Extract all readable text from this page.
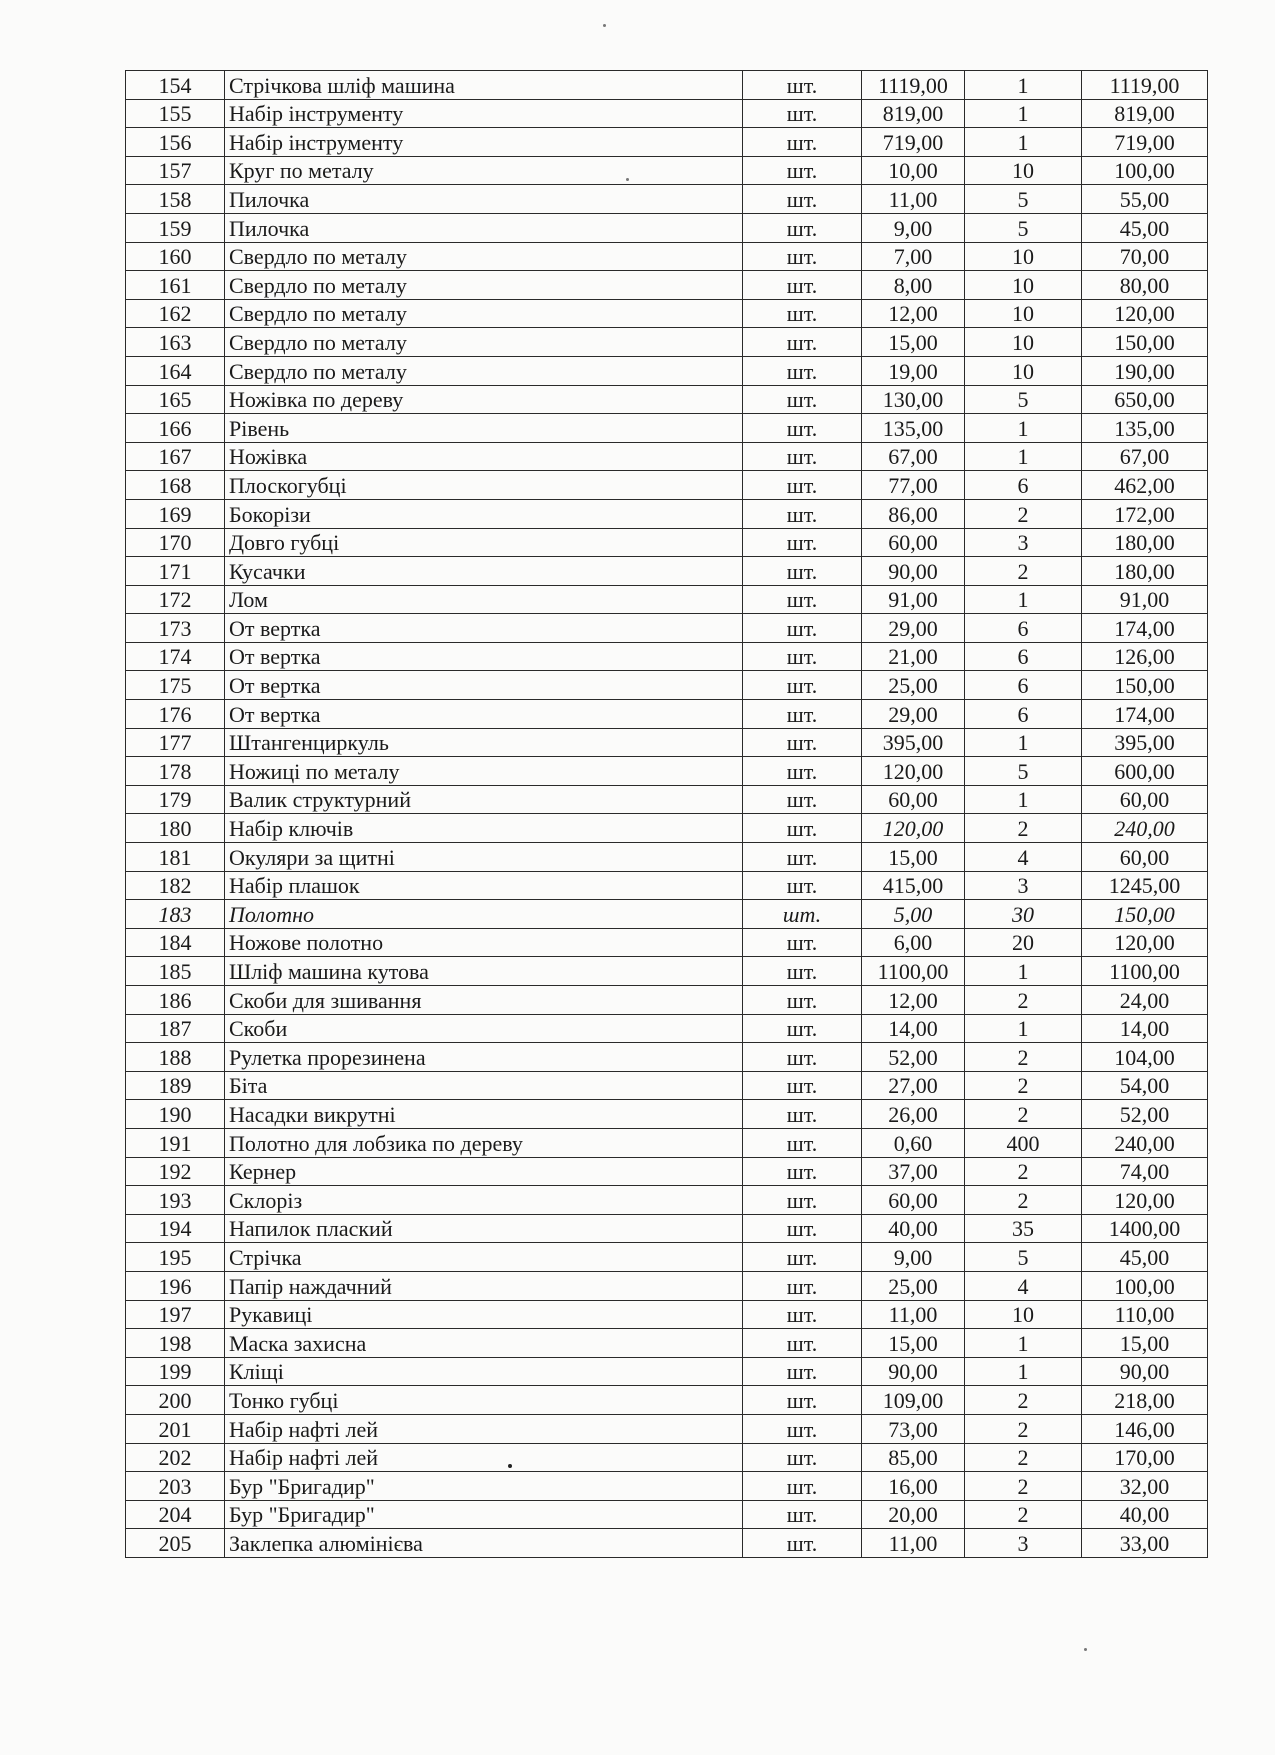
154	Стрічкова шліф машина	шт.	1119,00	1	1119,00
155	Набір інструменту	шт.	819,00	1	819,00
156	Набір інструменту	шт.	719,00	1	719,00
157	Круг по металу	шт.	10,00	10	100,00
158	Пилочка	шт.	11,00	5	55,00
159	Пилочка	шт.	9,00	5	45,00
160	Свердло по металу	шт.	7,00	10	70,00
161	Свердло по металу	шт.	8,00	10	80,00
162	Свердло по металу	шт.	12,00	10	120,00
163	Свердло по металу	шт.	15,00	10	150,00
164	Свердло по металу	шт.	19,00	10	190,00
165	Ножівка по дереву	шт.	130,00	5	650,00
166	Рівень	шт.	135,00	1	135,00
167	Ножівка	шт.	67,00	1	67,00
168	Плоскогубці	шт.	77,00	6	462,00
169	Бокорізи	шт.	86,00	2	172,00
170	Довго губці	шт.	60,00	3	180,00
171	Кусачки	шт.	90,00	2	180,00
172	Лом	шт.	91,00	1	91,00
173	От вертка	шт.	29,00	6	174,00
174	От вертка	шт.	21,00	6	126,00
175	От вертка	шт.	25,00	6	150,00
176	От вертка	шт.	29,00	6	174,00
177	Штангенциркуль	шт.	395,00	1	395,00
178	Ножиці по металу	шт.	120,00	5	600,00
179	Валик структурний	шт.	60,00	1	60,00
180	Набір ключів	шт.	120,00	2	240,00
181	Окуляри за щитні	шт.	15,00	4	60,00
182	Набір плашок	шт.	415,00	3	1245,00
183	Полотно	шт.	5,00	30	150,00
184	Ножове полотно	шт.	6,00	20	120,00
185	Шліф машина кутова	шт.	1100,00	1	1100,00
186	Скоби для зшивання	шт.	12,00	2	24,00
187	Скоби	шт.	14,00	1	14,00
188	Рулетка прорезинена	шт.	52,00	2	104,00
189	Біта	шт.	27,00	2	54,00
190	Насадки викрутні	шт.	26,00	2	52,00
191	Полотно для лобзика по дереву	шт.	0,60	400	240,00
192	Кернер	шт.	37,00	2	74,00
193	Склоріз	шт.	60,00	2	120,00
194	Напилок плаский	шт.	40,00	35	1400,00
195	Стрічка	шт.	9,00	5	45,00
196	Папір наждачний	шт.	25,00	4	100,00
197	Рукавиці	шт.	11,00	10	110,00
198	Маска захисна	шт.	15,00	1	15,00
199	Кліщі	шт.	90,00	1	90,00
200	Тонко губці	шт.	109,00	2	218,00
201	Набір нафті лей	шт.	73,00	2	146,00
202	Набір нафті лей	шт.	85,00	2	170,00
203	Бур "Бригадир"	шт.	16,00	2	32,00
204	Бур "Бригадир"	шт.	20,00	2	40,00
205	Заклепка алюмінієва	шт.	11,00	3	33,00
